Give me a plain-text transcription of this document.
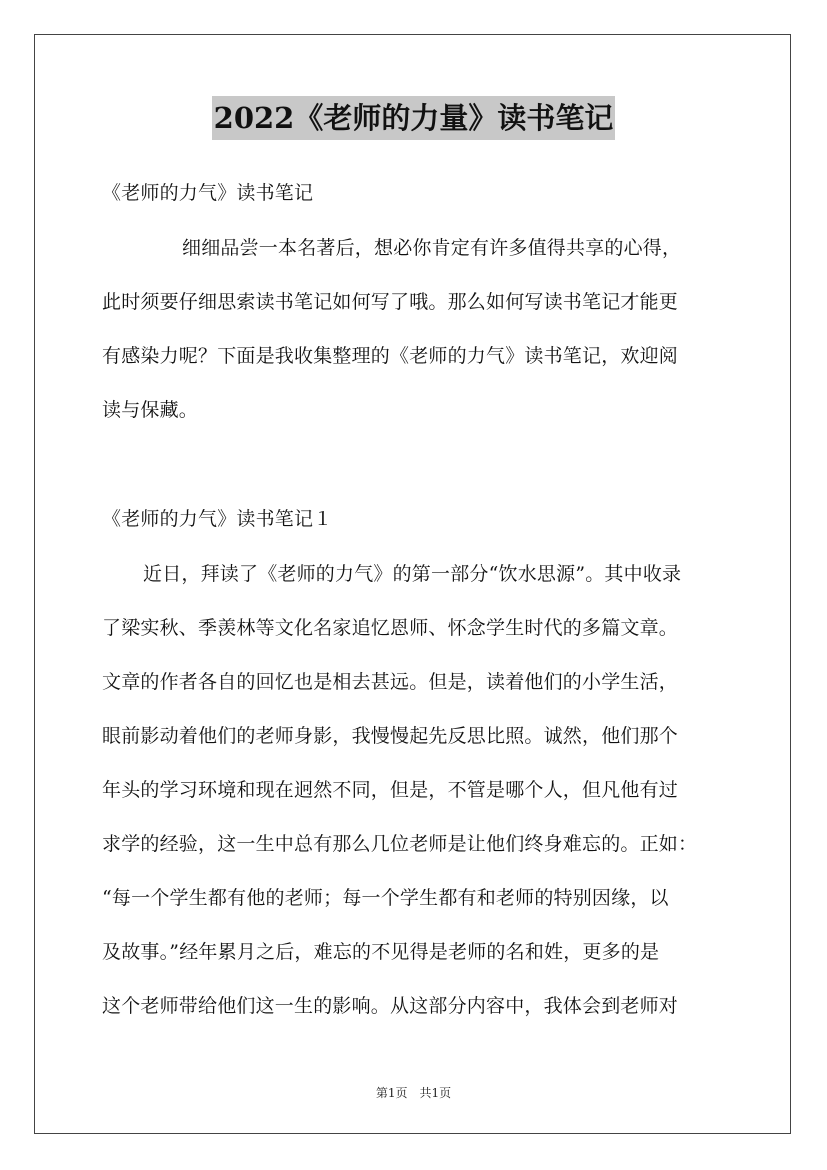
2022《老师的力量》读书笔记
《老师的力气》读书笔记
细细品尝一本名著后，想必你肯定有许多值得共享的心得，
此时须要仔细思索读书笔记如何写了哦。那么如何写读书笔记才能更
有感染力呢？下面是我收集整理的《老师的力气》读书笔记，欢迎阅
读与保藏。
《老师的力气》读书笔记１
近日，拜读了《老师的力气》的第一部分“饮水思源”。其中收录
了梁实秋、季羡林等文化名家追忆恩师、怀念学生时代的多篇文章。
文章的作者各自的回忆也是相去甚远。但是，读着他们的小学生活，
眼前影动着他们的老师身影，我慢慢起先反思比照。诚然，他们那个
年头的学习环境和现在迥然不同，但是，不管是哪个人，但凡他有过
求学的经验，这一生中总有那么几位老师是让他们终身难忘的。正如：
“每一个学生都有他的老师；每一个学生都有和老师的特别因缘，以
及故事。”经年累月之后，难忘的不见得是老师的名和姓，更多的是
这个老师带给他们这一生的影响。从这部分内容中，我体会到老师对
第1页　共1页
